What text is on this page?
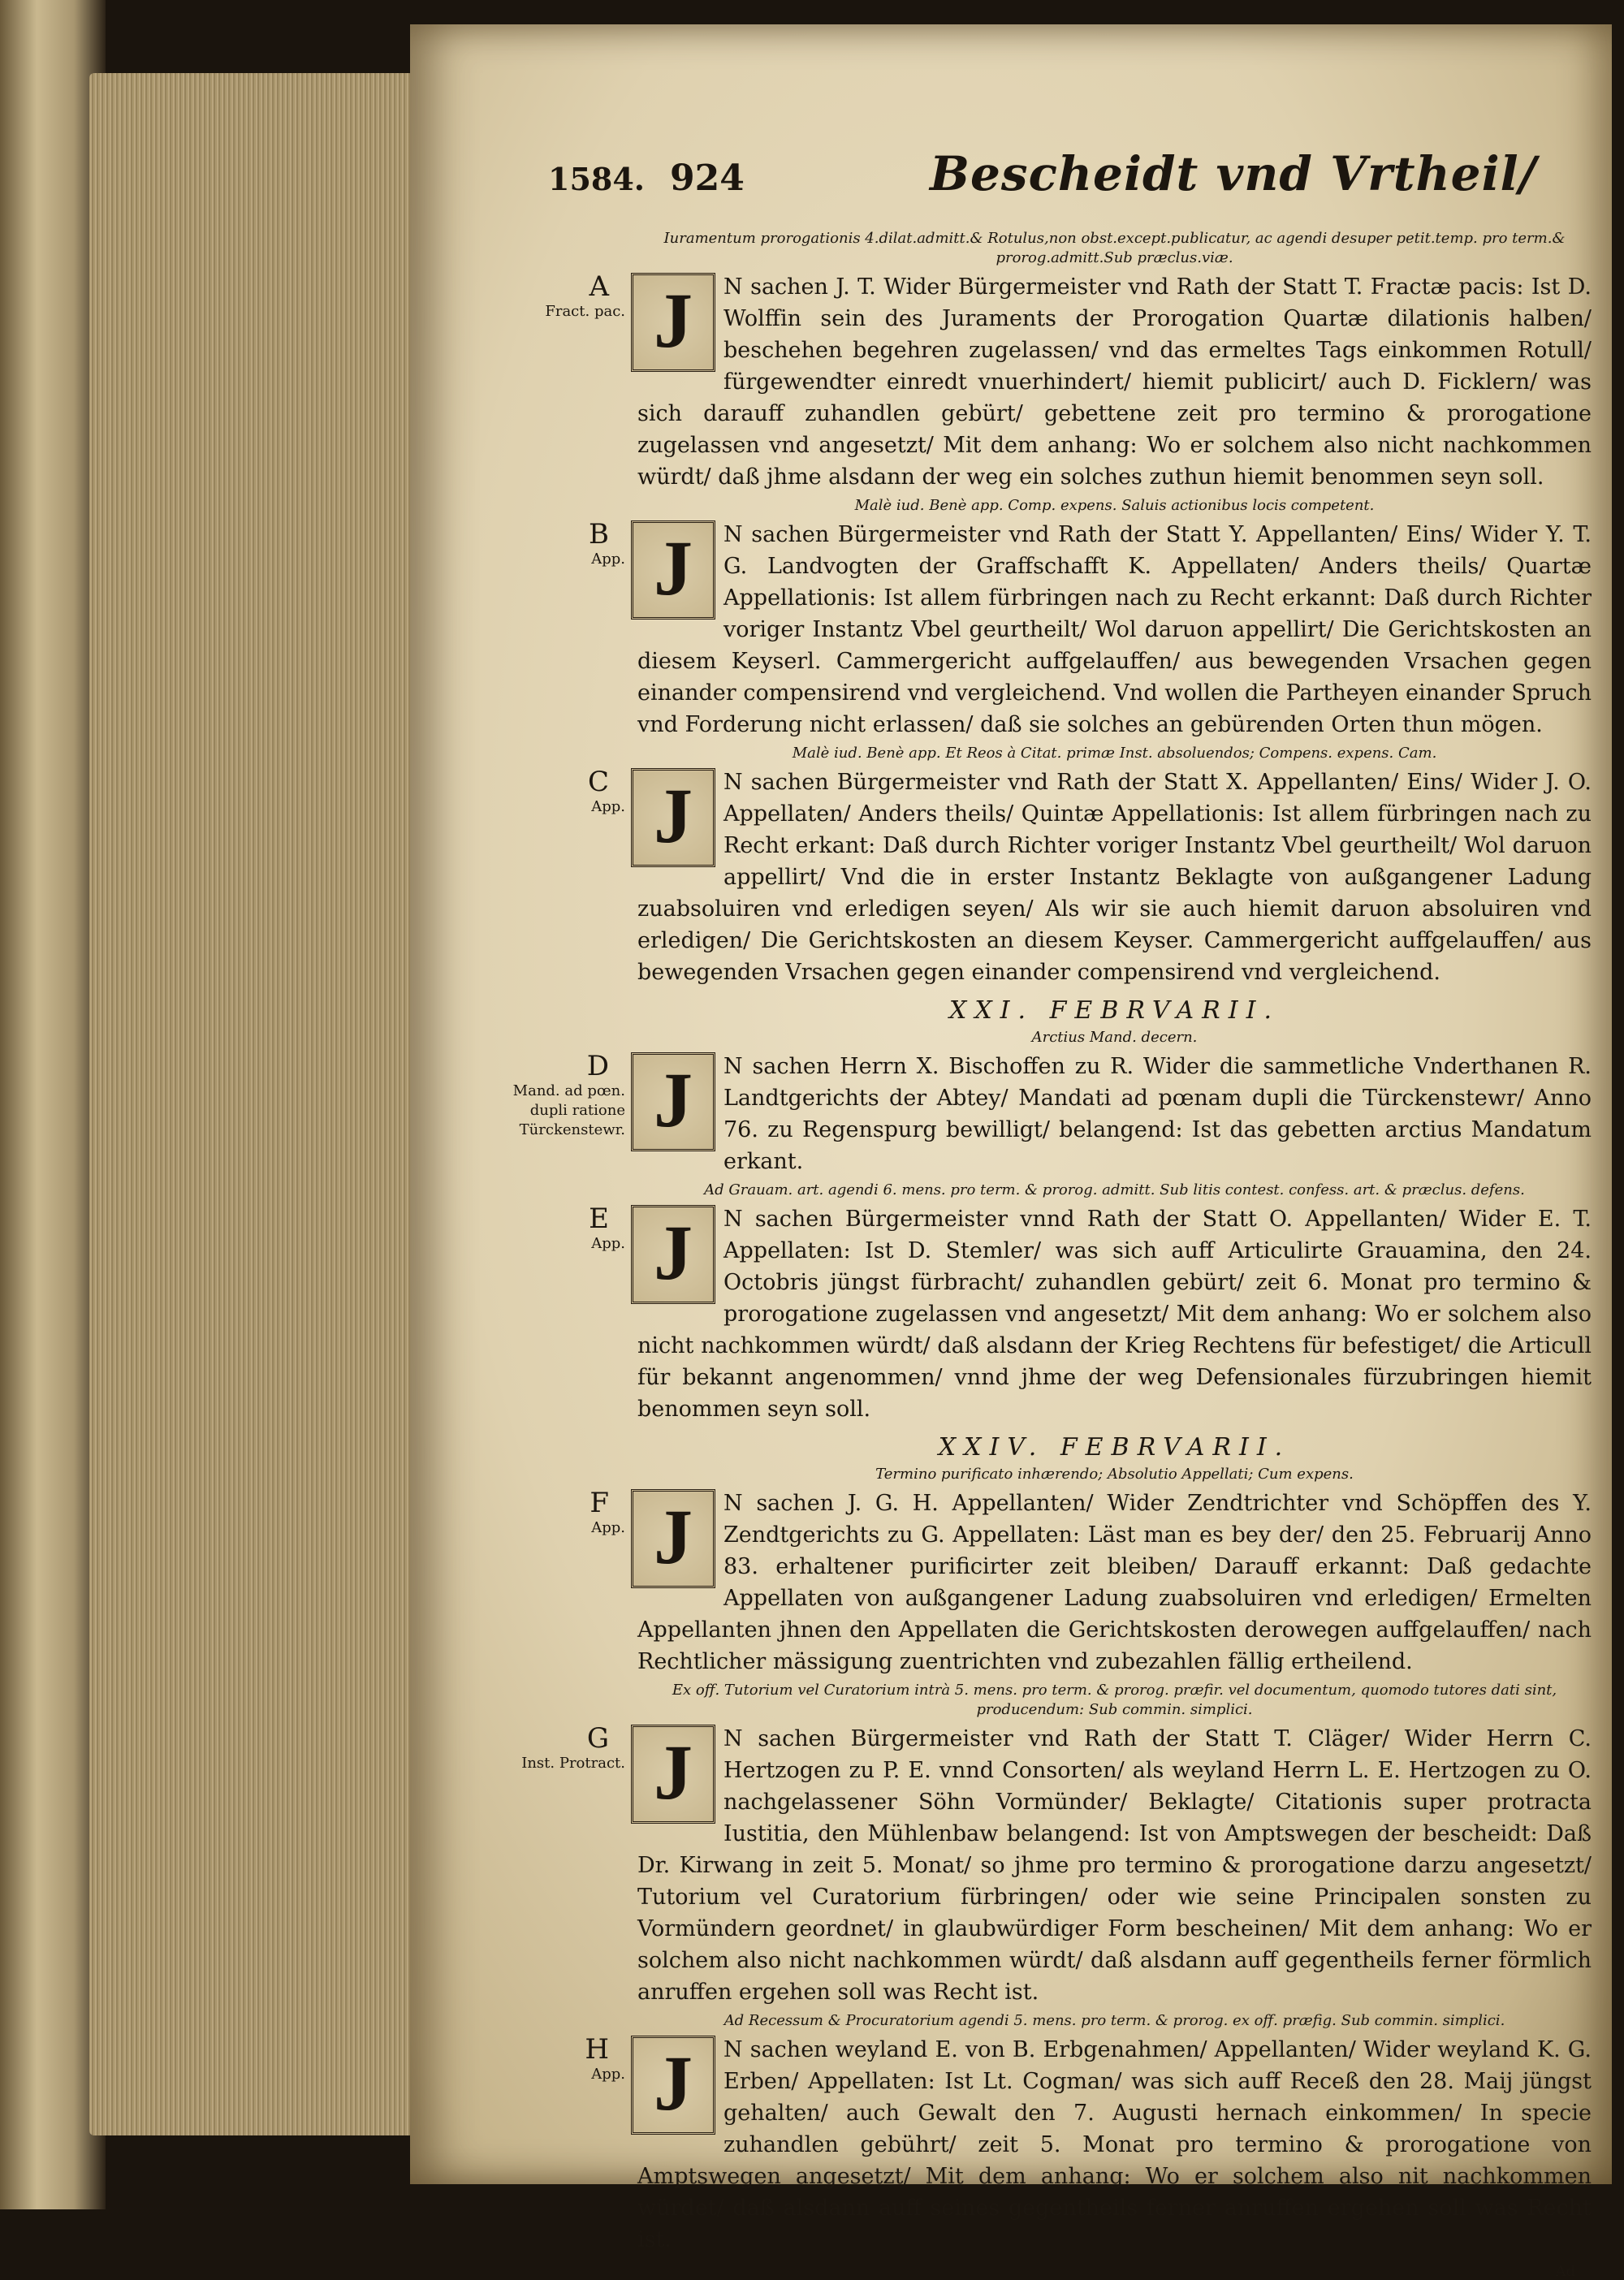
1584. 924	Bescheidt vnd Vrtheil/
Iuramentum prorogationis 4.dilat.admitt.& Rotulus,non obst.except.publicatur, ac agendi desuper petit.temp. pro term.& prorog.admitt.Sub præclus.viæ.
A
Fract. pac. J	N sachen J. T. Wider Bürgermeister vnd Rath der Statt T. Fractæ pacis: Ist D. Wolffin sein des Juraments der Prorogation Quartæ dilationis halben/ beschehen begehren zugelassen/ vnd das ermeltes Tags einkommen Rotull/ fürgewendter einredt vnuerhindert/ hiemit publicirt/ auch D. Ficklern/ was sich darauff zuhandlen gebürt/ gebettene zeit pro termino & prorogatione zugelassen vnd angesetzt/ Mit dem anhang: Wo er solchem also nicht nachkommen würdt/ daß jhme alsdann der weg ein solches zuthun hiemit benommen seyn soll.
Malè iud. Benè app. Comp. expens. Saluis actionibus locis competent.
B
App. J	N sachen Bürgermeister vnd Rath der Statt Y. Appellanten/ Eins/ Wider Y. T. G. Landvogten der Graffschafft K. Appellaten/ Anders theils/ Quartæ Appellationis: Ist allem fürbringen nach zu Recht erkannt: Daß durch Richter voriger Instantz Vbel geurtheilt/ Wol daruon appellirt/ Die Gerichtskosten an diesem Keyserl. Cammergericht auffgelauffen/ aus bewegenden Vrsachen gegen einander compensirend vnd vergleichend. Vnd wollen die Partheyen einander Spruch vnd Forderung nicht erlassen/ daß sie solches an gebürenden Orten thun mögen.
Malè iud. Benè app. Et Reos à Citat. primæ Inst. absoluendos; Compens. expens. Cam.
C
App. J	N sachen Bürgermeister vnd Rath der Statt X. Appellanten/ Eins/ Wider J. O. Appellaten/ Anders theils/ Quintæ Appellationis: Ist allem fürbringen nach zu Recht erkant: Daß durch Richter voriger Instantz Vbel geurtheilt/ Wol daruon appellirt/ Vnd die in erster Instantz Beklagte von außgangener Ladung zuabsoluiren vnd erledigen seyen/ Als wir sie auch hiemit daruon absoluiren vnd erledigen/ Die Gerichtskosten an diesem Keyser. Cammergericht auffgelauffen/ aus bewegenden Vrsachen gegen einander compensirend vnd vergleichend.
XXI. FEBRVARII.
Arctius Mand. decern.
D
Mand. ad pœn. dupli ratione Türckenstewr. J	N sachen Herrn X. Bischoffen zu R. Wider die sammetliche Vnderthanen R. Landtgerichts der Abtey/ Mandati ad pœnam dupli die Türckenstewr/ Anno 76. zu Regenspurg bewilligt/ belangend: Ist das gebetten arctius Mandatum erkant.
Ad Grauam. art. agendi 6. mens. pro term. & prorog. admitt. Sub litis contest. confess. art. & præclus. defens.
E
App. J	N sachen Bürgermeister vnnd Rath der Statt O. Appellanten/ Wider E. T. Appellaten: Ist D. Stemler/ was sich auff Articulirte Grauamina, den 24. Octobris jüngst fürbracht/ zuhandlen gebürt/ zeit 6. Monat pro termino & prorogatione zugelassen vnd angesetzt/ Mit dem anhang: Wo er solchem also nicht nachkommen würdt/ daß alsdann der Krieg Rechtens für befestiget/ die Articull für bekannt angenommen/ vnnd jhme der weg Defensionales fürzubringen hiemit benommen seyn soll.
XXIV. FEBRVARII.
Termino purificato inhærendo; Absolutio Appellati; Cum expens.
F
App. J	N sachen J. G. H. Appellanten/ Wider Zendtrichter vnd Schöpffen des Y. Zendtgerichts zu G. Appellaten: Läst man es bey der/ den 25. Februarij Anno 83. erhaltener purificirter zeit bleiben/ Darauff erkannt: Daß gedachte Appellaten von außgangener Ladung zuabsoluiren vnd erledigen/ Ermelten Appellanten jhnen den Appellaten die Gerichtskosten derowegen auffgelauffen/ nach Rechtlicher mässigung zuentrichten vnd zubezahlen fällig ertheilend.
Ex off. Tutorium vel Curatorium intrà 5. mens. pro term. & prorog. præfir. vel documentum, quomodo tutores dati sint, producendum: Sub commin. simplici.
G
Inst. Protract. J	N sachen Bürgermeister vnd Rath der Statt T. Cläger/ Wider Herrn C. Hertzogen zu P. E. vnnd Consorten/ als weyland Herrn L. E. Hertzogen zu O. nachgelassener Söhn Vormünder/ Beklagte/ Citationis super protracta Iustitia, den Mühlenbaw belangend: Ist von Amptswegen der bescheidt: Daß Dr. Kirwang in zeit 5. Monat/ so jhme pro termino & prorogatione darzu angesetzt/ Tutorium vel Curatorium fürbringen/ oder wie seine Principalen sonsten zu Vormündern geordnet/ in glaubwürdiger Form bescheinen/ Mit dem anhang: Wo er solchem also nicht nachkommen würdt/ daß alsdann auff gegentheils ferner förmlich anruffen ergehen soll was Recht ist.
Ad Recessum & Procuratorium agendi 5. mens. pro term. & prorog. ex off. præfig. Sub commin. simplici.
H
App. J	N sachen weyland E. von B. Erbgenahmen/ Appellanten/ Wider weyland K. G. Erben/ Appellaten: Ist Lt. Cogman/ was sich auff Receß den 28. Maij jüngst gehalten/ auch Gewalt den 7. Augusti hernach einkommen/ In specie zuhandlen gebührt/ zeit 5. Monat pro termino & prorogatione von Amptswegen angesetzt/ Mit dem anhang: Wo er solchem also nit nachkommen würdet/ daß alsdann auff seines gegentheils ferner anruffen ergehen soll was Recht ist.
Ad
